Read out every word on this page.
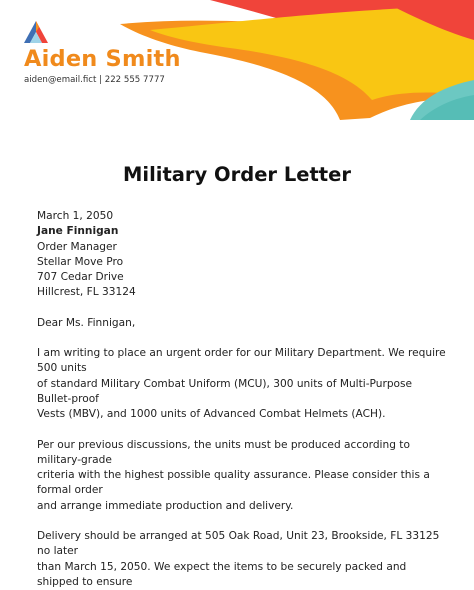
Aiden Smith
aiden@email.fict | 222 555 7777
Military Order Letter

March 1, 2050

Jane Finnigan

Order Manager

Stellar Move Pro

707 Cedar Drive

Hillcrest, FL 33124

Dear Ms. Finnigan,

I am writing to place an urgent order for our Military Department. We require 500 units

of standard Military Combat Uniform (MCU), 300 units of Multi-Purpose Bullet-proof

Vests (MBV), and 1000 units of Advanced Combat Helmets (ACH).

Per our previous discussions, the units must be produced according to military-grade

criteria with the highest possible quality assurance. Please consider this a formal order

and arrange immediate production and delivery.

Delivery should be arranged at 505 Oak Road, Unit 23, Brookside, FL 33125 no later

than March 15, 2050. We expect the items to be securely packed and shipped to ensure
